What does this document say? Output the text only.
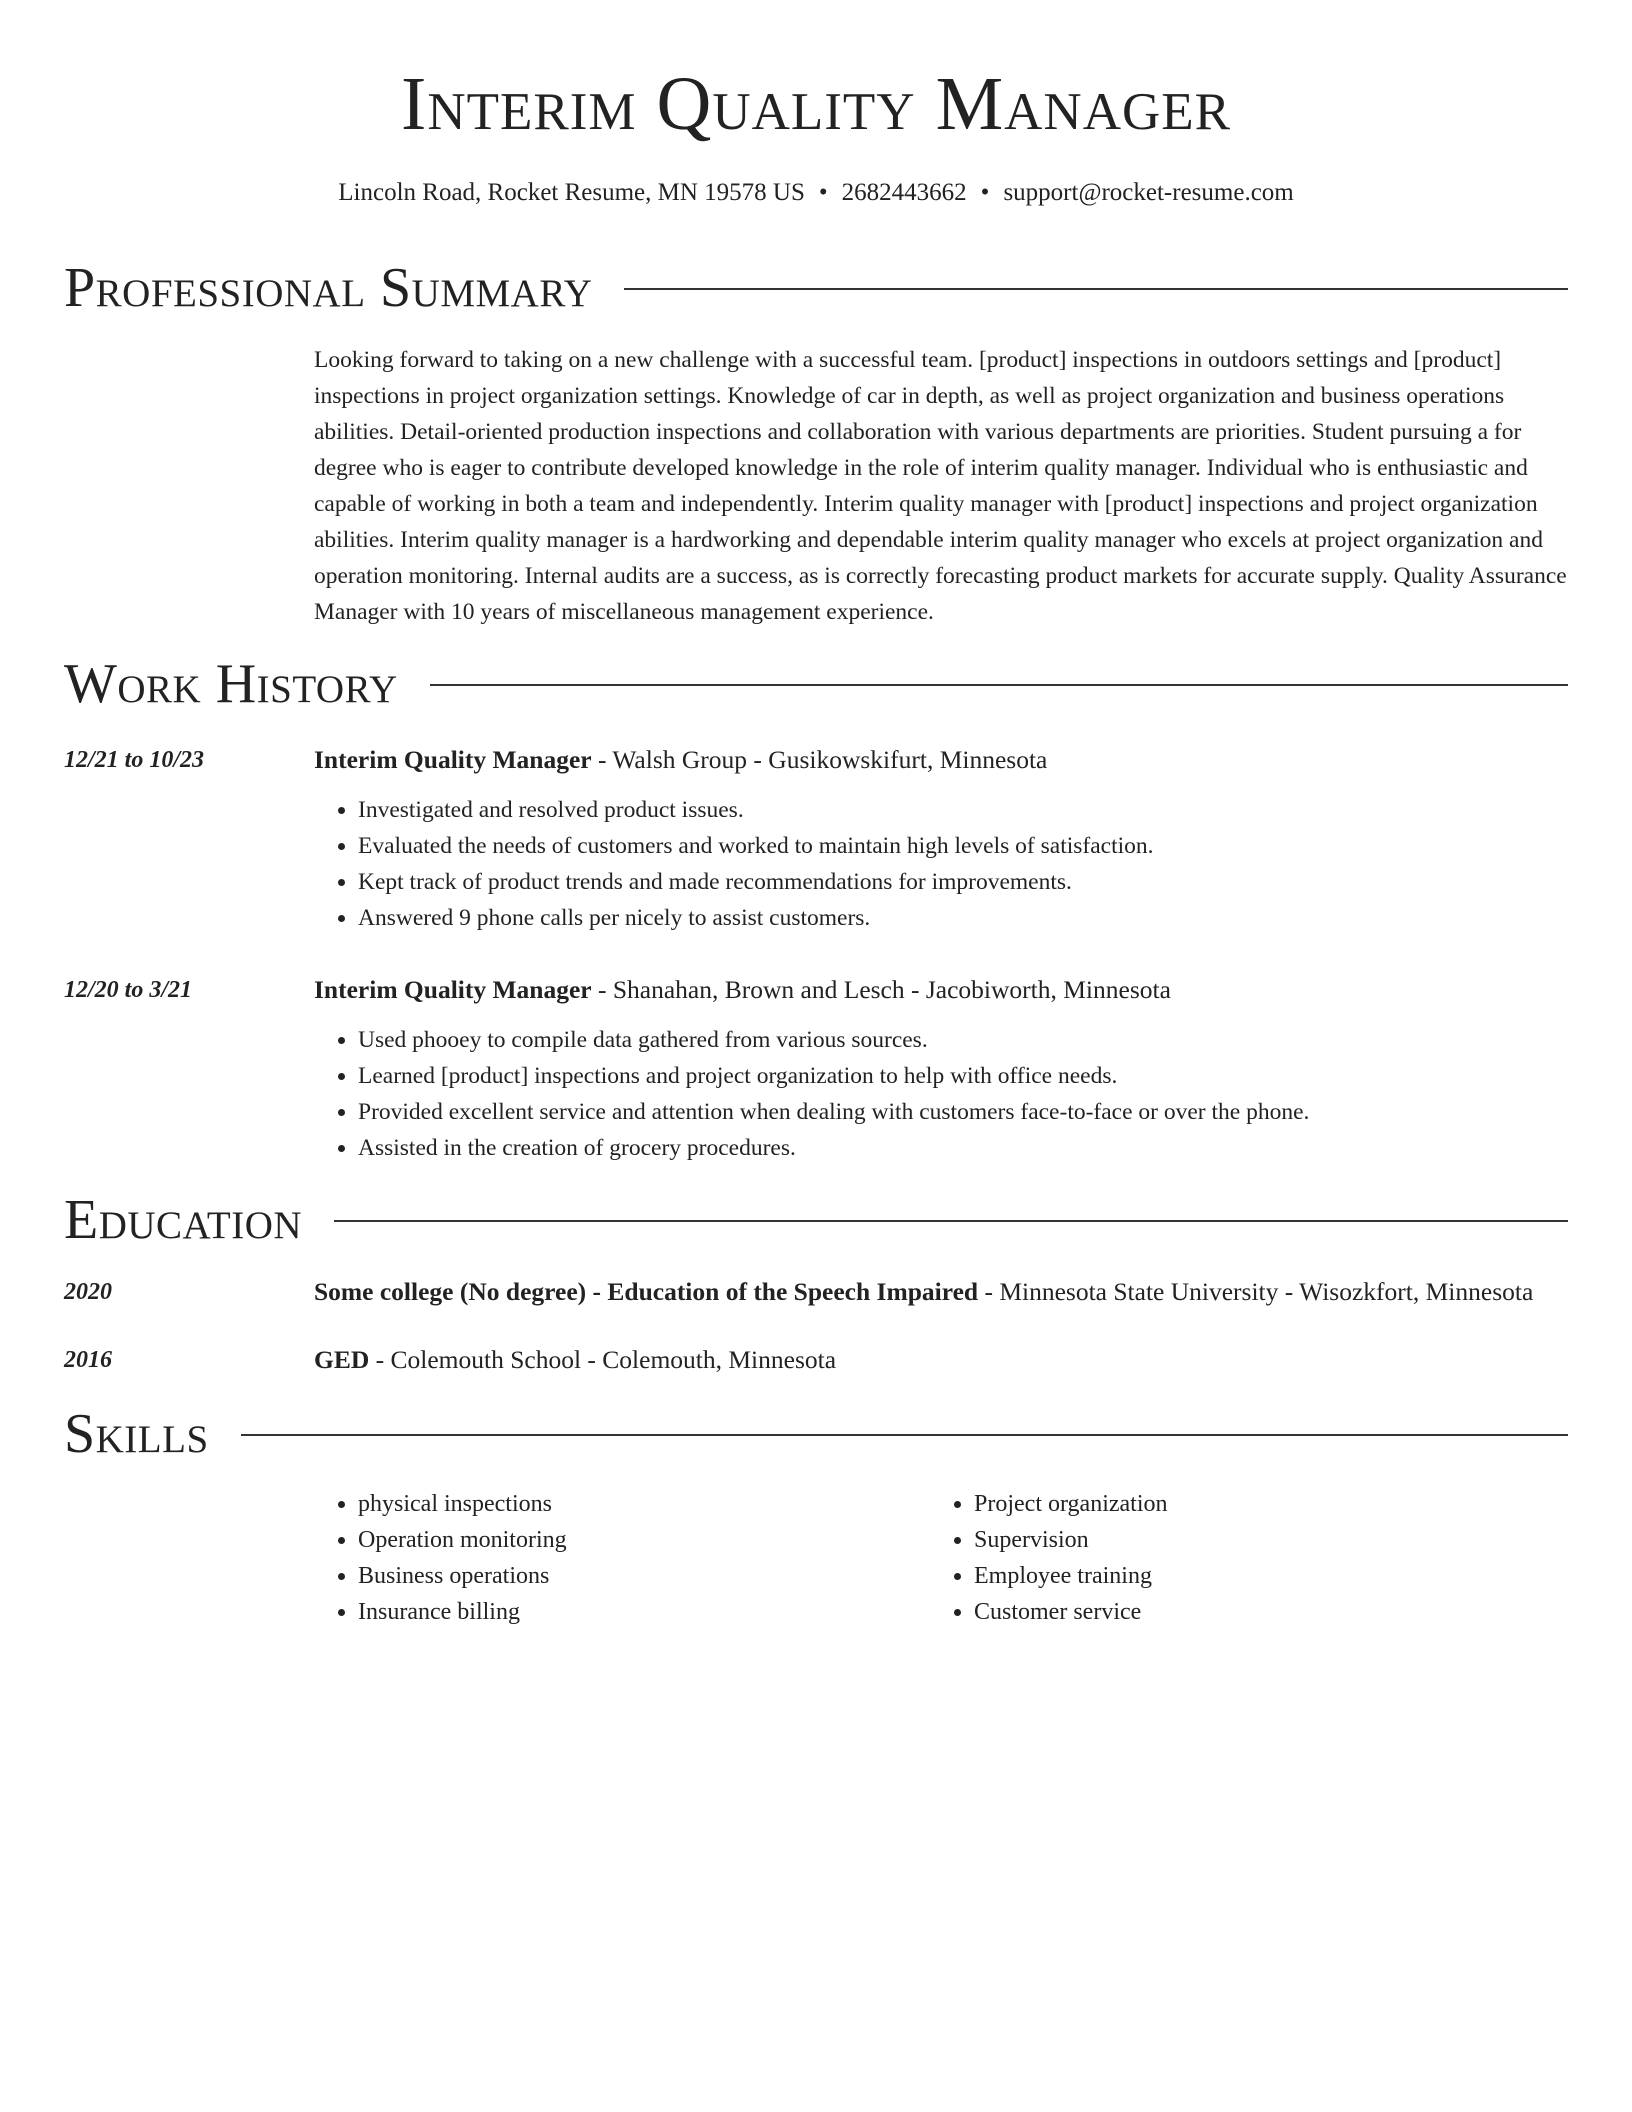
Interim Quality Manager
Lincoln Road, Rocket Resume, MN 19578 US • 2682443662 • support@rocket-resume.com
Professional Summary

Looking forward to taking on a new challenge with a successful team. [product] inspections in outdoors settings and [product] inspections in project organization settings. Knowledge of car in depth, as well as project organization and business operations abilities. Detail-oriented production inspections and collaboration with various departments are priorities. Student pursuing a for degree who is eager to contribute developed knowledge in the role of interim quality manager. Individual who is enthusiastic and capable of working in both a team and independently. Interim quality manager with [product] inspections and project organization abilities. Interim quality manager is a hardworking and dependable interim quality manager who excels at project organization and operation monitoring. Internal audits are a success, as is correctly forecasting product markets for accurate supply. Quality Assurance Manager with 10 years of miscellaneous management experience.

Work History
12/21 to 10/23	Interim Quality Manager - Walsh Group - Gusikowskifurt, Minnesota
• Investigated and resolved product issues.
• Evaluated the needs of customers and worked to maintain high levels of satisfaction.
• Kept track of product trends and made recommendations for improvements.
• Answered 9 phone calls per nicely to assist customers.
12/20 to 3/21	Interim Quality Manager - Shanahan, Brown and Lesch - Jacobiworth, Minnesota
• Used phooey to compile data gathered from various sources.
• Learned [product] inspections and project organization to help with office needs.
• Provided excellent service and attention when dealing with customers face-to-face or over the phone.
• Assisted in the creation of grocery procedures.
Education
2020	Some college (No degree) - Education of the Speech Impaired - Minnesota State University - Wisozkfort, Minnesota
2016	GED - Colemouth School - Colemouth, Minnesota
Skills
• physical inspections
• Operation monitoring
• Business operations
• Insurance billing
• Project organization
• Supervision
• Employee training
• Customer service
